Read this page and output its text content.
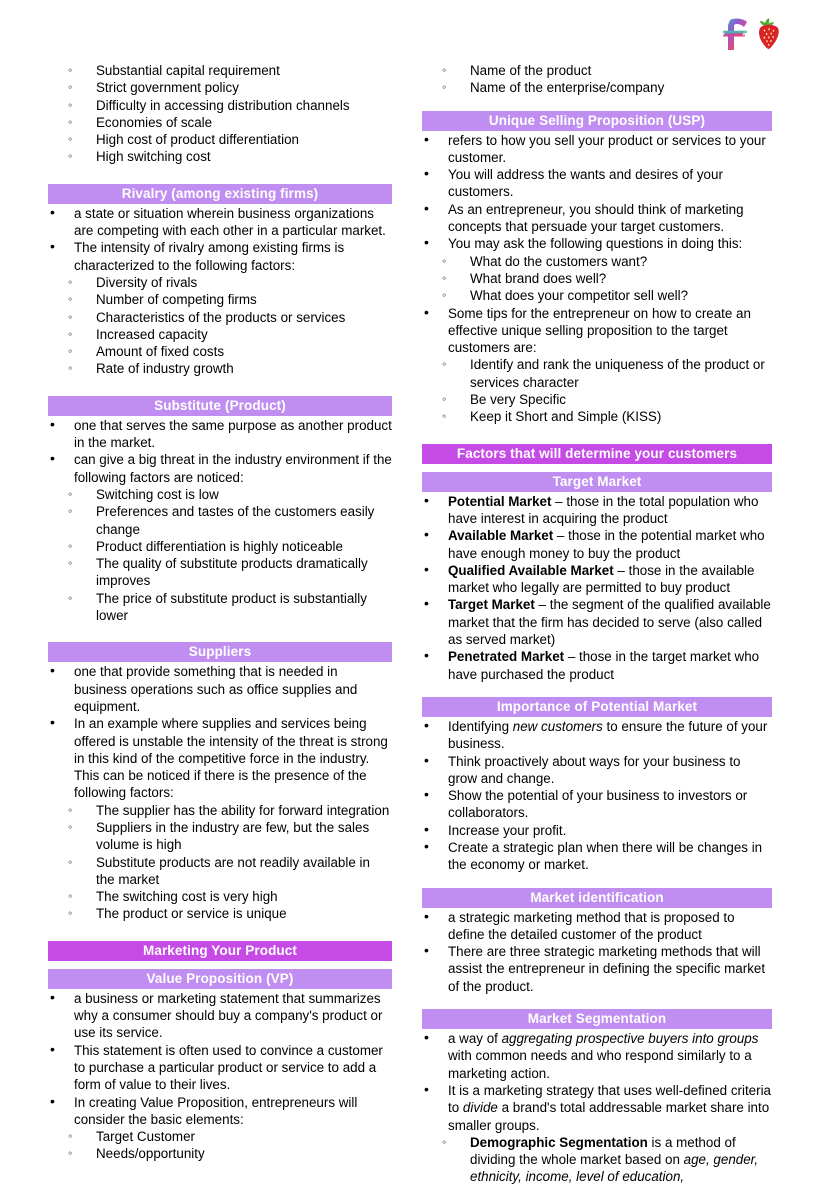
◦ Substantial capital requirement
◦ Strict government policy
◦ Difficulty in accessing distribution channels
◦ Economies of scale
◦ High cost of product differentiation
◦ High switching cost
Rivalry (among existing firms)
• a state or situation wherein business organizations are competing with each other in a particular market.
• The intensity of rivalry among existing firms is characterized to the following factors:
◦ Diversity of rivals
◦ Number of competing firms
◦ Characteristics of the products or services
◦ Increased capacity
◦ Amount of fixed costs
◦ Rate of industry growth
Substitute (Product)
• one that serves the same purpose as another product in the market.
• can give a big threat in the industry environment if the following factors are noticed:
◦ Switching cost is low
◦ Preferences and tastes of the customers easily change
◦ Product differentiation is highly noticeable
◦ The quality of substitute products dramatically improves
◦ The price of substitute product is substantially lower
Suppliers
• one that provide something that is needed in business operations such as office supplies and equipment.
• In an example where supplies and services being offered is unstable the intensity of the threat is strong in this kind of the competitive force in the industry. This can be noticed if there is the presence of the following factors:
◦ The supplier has the ability for forward integration
◦ Suppliers in the industry are few, but the sales volume is high
◦ Substitute products are not readily available in the market
◦ The switching cost is very high
◦ The product or service is unique
Marketing Your Product
Value Proposition (VP)
• a business or marketing statement that summarizes why a consumer should buy a company's product or use its service.
• This statement is often used to convince a customer to purchase a particular product or service to add a form of value to their lives.
• In creating Value Proposition, entrepreneurs will consider the basic elements:
◦ Target Customer
◦ Needs/opportunity
◦ Name of the product
◦ Name of the enterprise/company
Unique Selling Proposition (USP)
• refers to how you sell your product or services to your customer.
• You will address the wants and desires of your customers.
• As an entrepreneur, you should think of marketing concepts that persuade your target customers.
• You may ask the following questions in doing this:
◦ What do the customers want?
◦ What brand does well?
◦ What does your competitor sell well?
• Some tips for the entrepreneur on how to create an effective unique selling proposition to the target customers are:
◦ Identify and rank the uniqueness of the product or services character
◦ Be very Specific
◦ Keep it Short and Simple (KISS)
Factors that will determine your customers
Target Market
• Potential Market – those in the total population who have interest in acquiring the product
• Available Market – those in the potential market who have enough money to buy the product
• Qualified Available Market – those in the available market who legally are permitted to buy product
• Target Market – the segment of the qualified available market that the firm has decided to serve (also called as served market)
• Penetrated Market – those in the target market who have purchased the product
Importance of Potential Market
• Identifying new customers to ensure the future of your business.
• Think proactively about ways for your business to grow and change.
• Show the potential of your business to investors or collaborators.
• Increase your profit.
• Create a strategic plan when there will be changes in the economy or market.
Market identification
• a strategic marketing method that is proposed to define the detailed customer of the product
• There are three strategic marketing methods that will assist the entrepreneur in defining the specific market of the product.
Market Segmentation
• a way of aggregating prospective buyers into groups with common needs and who respond similarly to a marketing action.
• It is a marketing strategy that uses well-defined criteria to divide a brand's total addressable market share into smaller groups.
◦ Demographic Segmentation is a method of dividing the whole market based on age, gender, ethnicity, income, level of education,
